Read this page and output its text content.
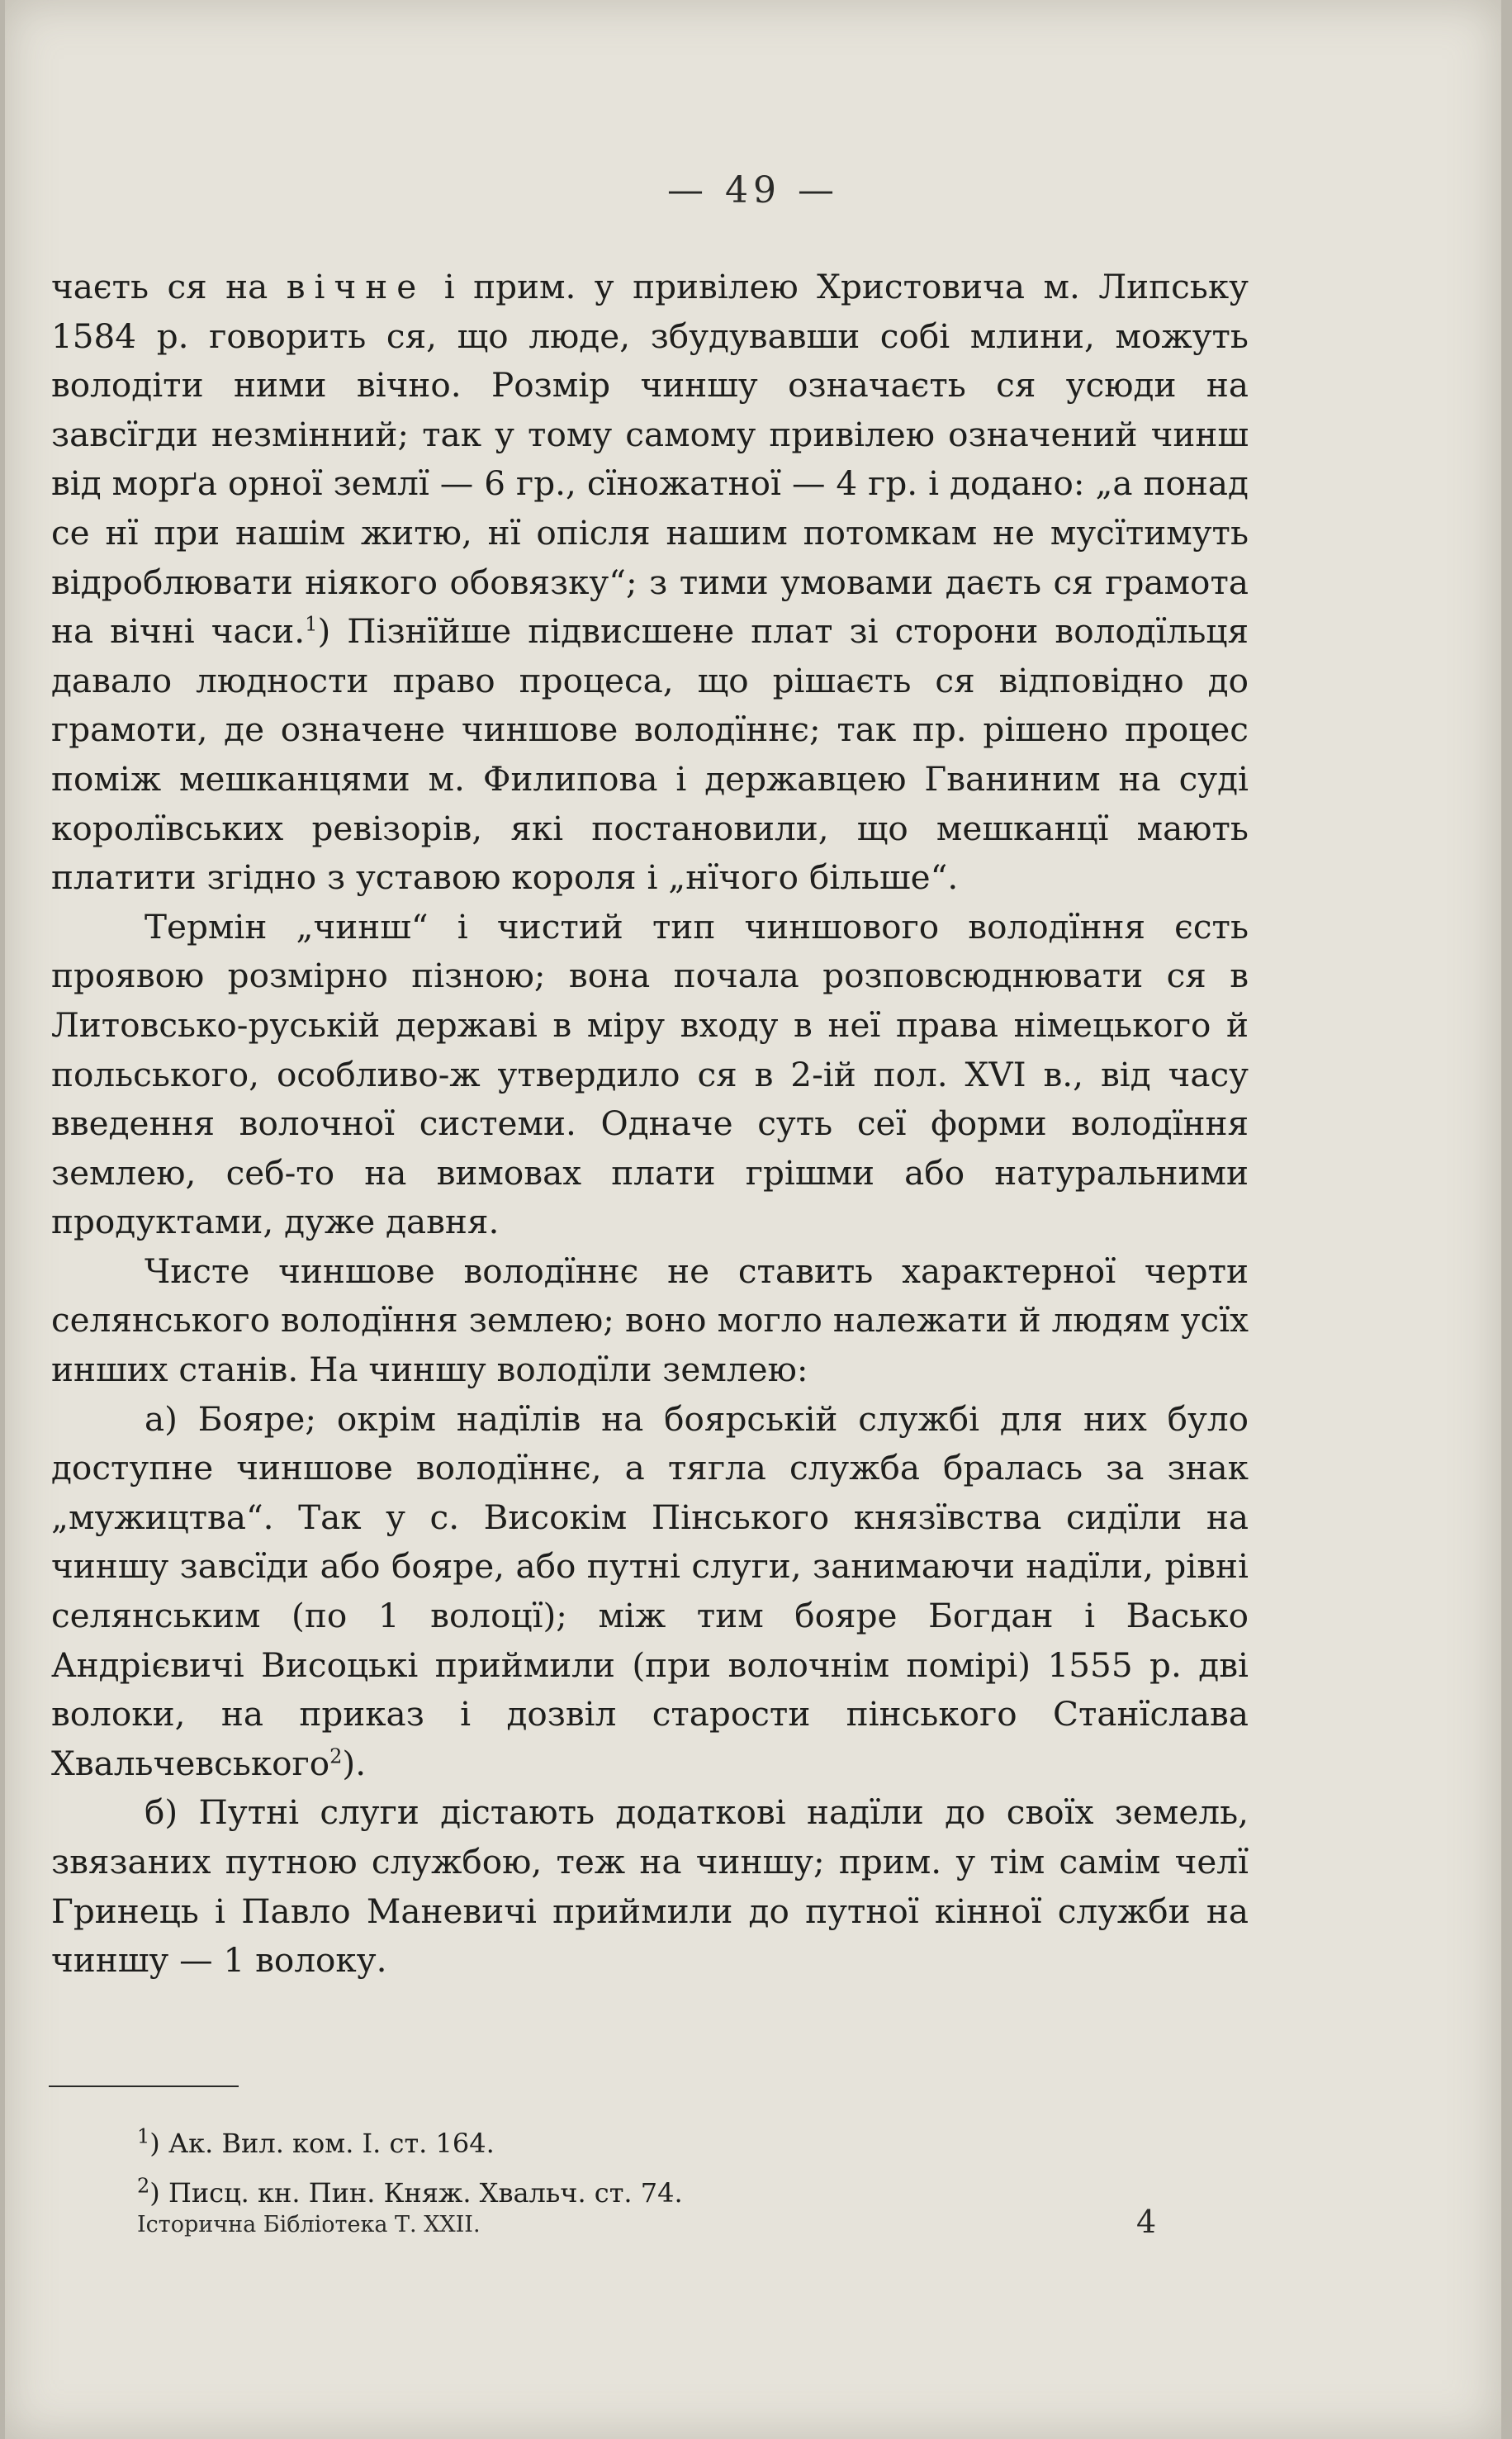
— 49 —

чаєть ся на вічне і прим. у привілею Христовича м. Липську 1584 р. говорить ся, що люде, збудувавши собі млини, можуть володіти ними вічно. Розмір чиншу означаєть ся усюди на завсїгди незмінний; так у тому самому привілею означений чинш від морґа орної землї — 6 гр., сїножатної — 4 гр. і додано: „а понад се нї при нашім житю, нї опісля нашим потомкам не мусїтимуть відроблювати ніякого обовязку“; з тими умовами даєть ся грамота на вічні часи.$^1$) Пізнїйше підвисшене плат зі сторони володїльця давало людности право процеса, що рішаєть ся відповідно до грамоти, де означене чиншове володїннє; так пр. рішено процес поміж мешканцями м. Филипова і державцею Гваниним на суді королївських ревізорів, які постановили, що мешканцї мають платити згідно з уставою короля і „нїчого більше“.

Термін „чинш“ і чистий тип чиншового володїння єсть проявою розмірно пізною; вона почала розповсюднювати ся в Литовсько-руській державі в міру входу в неї права німецького й польського, особливо-ж утвердило ся в 2-ій пол. XVI в., від часу введення волочної системи. Одначе суть сеї форми володїння землею, себ-то на вимовах плати грішми або натуральними продуктами, дуже давня.

Чисте чиншове володїннє не ставить характерної черти селянського володїння землею; воно могло належати й людям усїх инших станів. На чиншу володїли землею:

а) Бояре; окрім надїлів на боярській службі для них було доступне чиншове володїннє, а тягла служба бралась за знак „мужицтва“. Так у с. Високім Пінського князївства сидїли на чиншу завсїди або бояре, або путні слуги, занимаючи надїли, рівні селянським (по 1 волоцї); між тим бояре Богдан і Васько Андрієвичі Висоцькі приймили (при волочнім помірі) 1555 р. дві волоки, на приказ і дозвіл старости пінського Станїслава Хвальчевського$^2$).

б) Путні слуги дістають додаткові надїли до своїх земель, звязаних путною службою, теж на чиншу; прим. у тім самім челї Гринець і Павло Маневичі приймили до путної кінної служби на чиншу — 1 волоку.

$^1$) Ак. Вил. ком. I. ст. 164.
$^2$) Писц. кн. Пин. Княж. Хвальч. ст. 74.
Історична Бібліотека Т. XXII.	4
